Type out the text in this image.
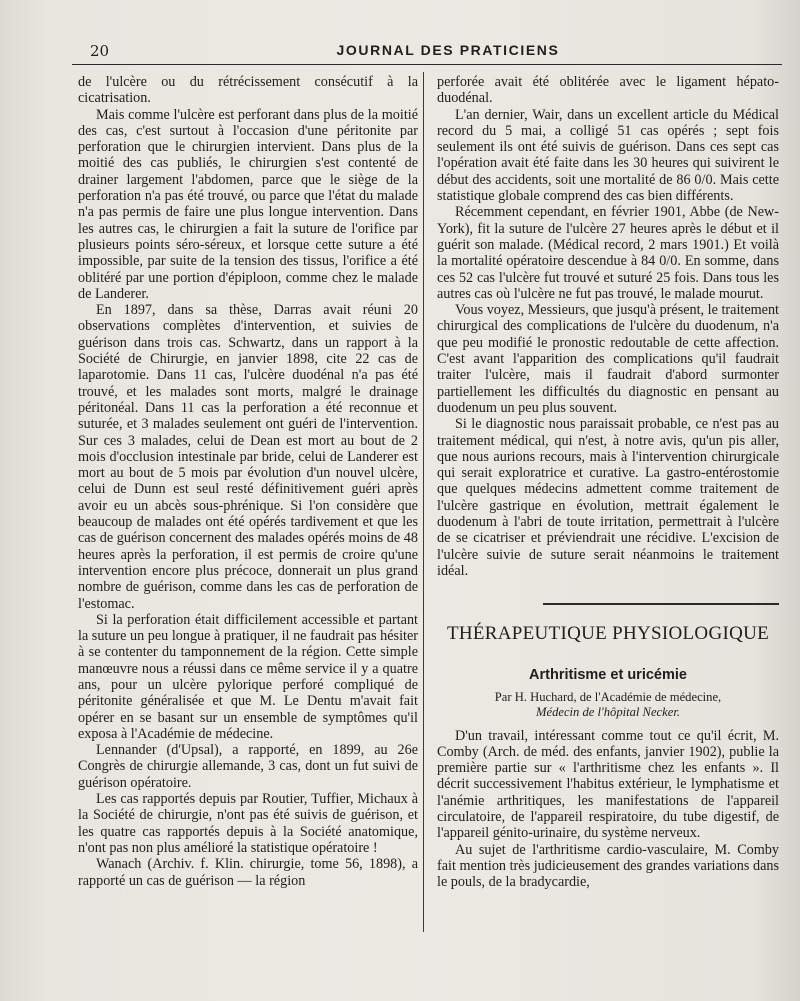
20	JOURNAL DES PRATICIENS

de l'ulcère ou du rétrécissement consécutif à la cicatrisation.

Mais comme l'ulcère est perforant dans plus de la moitié des cas, c'est surtout à l'occasion d'une péritonite par perforation que le chirurgien intervient. Dans plus de la moitié des cas publiés, le chirurgien s'est contenté de drainer largement l'abdomen, parce que le siège de la perforation n'a pas été trouvé, ou parce que l'état du malade n'a pas permis de faire une plus longue intervention. Dans les autres cas, le chirurgien a fait la suture de l'orifice par plusieurs points séro-séreux, et lorsque cette suture a été impossible, par suite de la tension des tissus, l'orifice a été oblitéré par une portion d'épiploon, comme chez le malade de Landerer.

En 1897, dans sa thèse, Darras avait réuni 20 observations complètes d'intervention, et suivies de guérison dans trois cas. Schwartz, dans un rapport à la Société de Chirurgie, en janvier 1898, cite 22 cas de laparotomie. Dans 11 cas, l'ulcère duodénal n'a pas été trouvé, et les malades sont morts, malgré le drainage péritonéal. Dans 11 cas la perforation a été reconnue et suturée, et 3 malades seulement ont guéri de l'intervention. Sur ces 3 malades, celui de Dean est mort au bout de 2 mois d'occlusion intestinale par bride, celui de Landerer est mort au bout de 5 mois par évolution d'un nouvel ulcère, celui de Dunn est seul resté définitivement guéri après avoir eu un abcès sous-phrénique. Si l'on considère que beaucoup de malades ont été opérés tardivement et que les cas de guérison concernent des malades opérés moins de 48 heures après la perforation, il est permis de croire qu'une intervention encore plus précoce, donnerait un plus grand nombre de guérison, comme dans les cas de perforation de l'estomac.

Si la perforation était difficilement accessible et partant la suture un peu longue à pratiquer, il ne faudrait pas hésiter à se contenter du tamponnement de la région. Cette simple manœuvre nous a réussi dans ce même service il y a quatre ans, pour un ulcère pylorique perforé compliqué de péritonite généralisée et que M. Le Dentu m'avait fait opérer en se basant sur un ensemble de symptômes qu'il exposa à l'Académie de médecine.

Lennander (d'Upsal), a rapporté, en 1899, au 26e Congrès de chirurgie allemande, 3 cas, dont un fut suivi de guérison opératoire.

Les cas rapportés depuis par Routier, Tuffier, Michaux à la Société de chirurgie, n'ont pas été suivis de guérison, et les quatre cas rapportés depuis à la Société anatomique, n'ont pas non plus amélioré la statistique opératoire !

Wanach (Archiv. f. Klin. chirurgie, tome 56, 1898), a rapporté un cas de guérison — la région

perforée avait été oblitérée avec le ligament hépato-duodénal.

L'an dernier, Wair, dans un excellent article du Médical record du 5 mai, a colligé 51 cas opérés ; sept fois seulement ils ont été suivis de guérison. Dans ces sept cas l'opération avait été faite dans les 30 heures qui suivirent le début des accidents, soit une mortalité de 86 0/0. Mais cette statistique globale comprend des cas bien différents.

Récemment cependant, en février 1901, Abbe (de New-York), fit la suture de l'ulcère 27 heures après le début et il guérit son malade. (Médical record, 2 mars 1901.) Et voilà la mortalité opératoire descendue à 84 0/0. En somme, dans ces 52 cas l'ulcère fut trouvé et suturé 25 fois. Dans tous les autres cas où l'ulcère ne fut pas trouvé, le malade mourut.

Vous voyez, Messieurs, que jusqu'à présent, le traitement chirurgical des complications de l'ulcère du duodenum, n'a que peu modifié le pronostic redoutable de cette affection. C'est avant l'apparition des complications qu'il faudrait traiter l'ulcère, mais il faudrait d'abord surmonter partiellement les difficultés du diagnostic en pensant au duodenum un peu plus souvent.

Si le diagnostic nous paraissait probable, ce n'est pas au traitement médical, qui n'est, à notre avis, qu'un pis aller, que nous aurions recours, mais à l'intervention chirurgicale qui serait exploratrice et curative. La gastro-entérostomie que quelques médecins admettent comme traitement de l'ulcère gastrique en évolution, mettrait également le duodenum à l'abri de toute irritation, permettrait à l'ulcère de se cicatriser et préviendrait une récidive. L'excision de l'ulcère suivie de suture serait néanmoins le traitement idéal.

THÉRAPEUTIQUE PHYSIOLOGIQUE
Arthritisme et uricémie
Par H. Huchard, de l'Académie de médecine,
Médecin de l'hôpital Necker.

D'un travail, intéressant comme tout ce qu'il écrit, M. Comby (Arch. de méd. des enfants, janvier 1902), publie la première partie sur « l'arthritisme chez les enfants ». Il décrit successivement l'habitus extérieur, le lymphatisme et l'anémie arthritiques, les manifestations de l'appareil circulatoire, de l'appareil respiratoire, du tube digestif, de l'appareil génito-urinaire, du système nerveux.

Au sujet de l'arthritisme cardio-vasculaire, M. Comby fait mention très judicieusement des grandes variations dans le pouls, de la bradycardie,
